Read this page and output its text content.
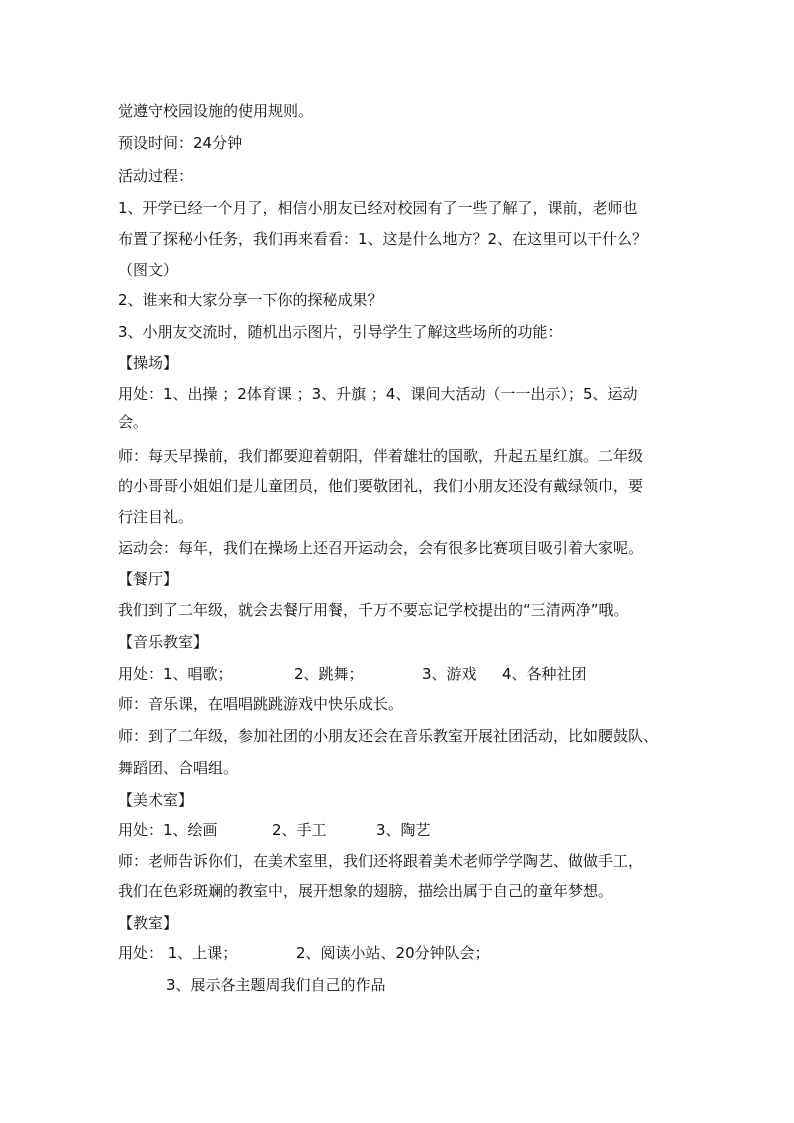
觉遵守校园设施的使用规则。
预设时间：24分钟
活动过程：
1、开学已经一个月了，相信小朋友已经对校园有了一些了解了，课前，老师也
布置了探秘小任务，我们再来看看：1、这是什么地方？2、在这里可以干什么？
（图文）
2、谁来和大家分享一下你的探秘成果？
3、小朋友交流时，随机出示图片，引导学生了解这些场所的功能：
【操场】
用处：1、出操 ；2体育课 ；3、升旗 ；4、课间大活动（一一出示）；5、运动
会。
师：每天早操前，我们都要迎着朝阳，伴着雄壮的国歌，升起五星红旗。二年级
的小哥哥小姐姐们是儿童团员，他们要敬团礼，我们小朋友还没有戴绿领巾，要
行注目礼。
运动会：每年，我们在操场上还召开运动会，会有很多比赛项目吸引着大家呢。
【餐厅】
我们到了二年级，就会去餐厅用餐，千万不要忘记学校提出的“三清两净”哦。
【音乐教室】
用处：1、唱歌；	2、跳舞；	3、游戏 4、各种社团
师：音乐课，在唱唱跳跳游戏中快乐成长。
师：到了二年级，参加社团的小朋友还会在音乐教室开展社团活动，比如腰鼓队、
舞蹈团、合唱组。
【美术室】
用处：1、绘画	2、手工	3、陶艺
师：老师告诉你们，在美术室里，我们还将跟着美术老师学学陶艺、做做手工，
我们在色彩斑斓的教室中，展开想象的翅膀，描绘出属于自己的童年梦想。
【教室】
用处： 1、上课；	2、阅读小站、20分钟队会；
3、展示各主题周我们自己的作品
